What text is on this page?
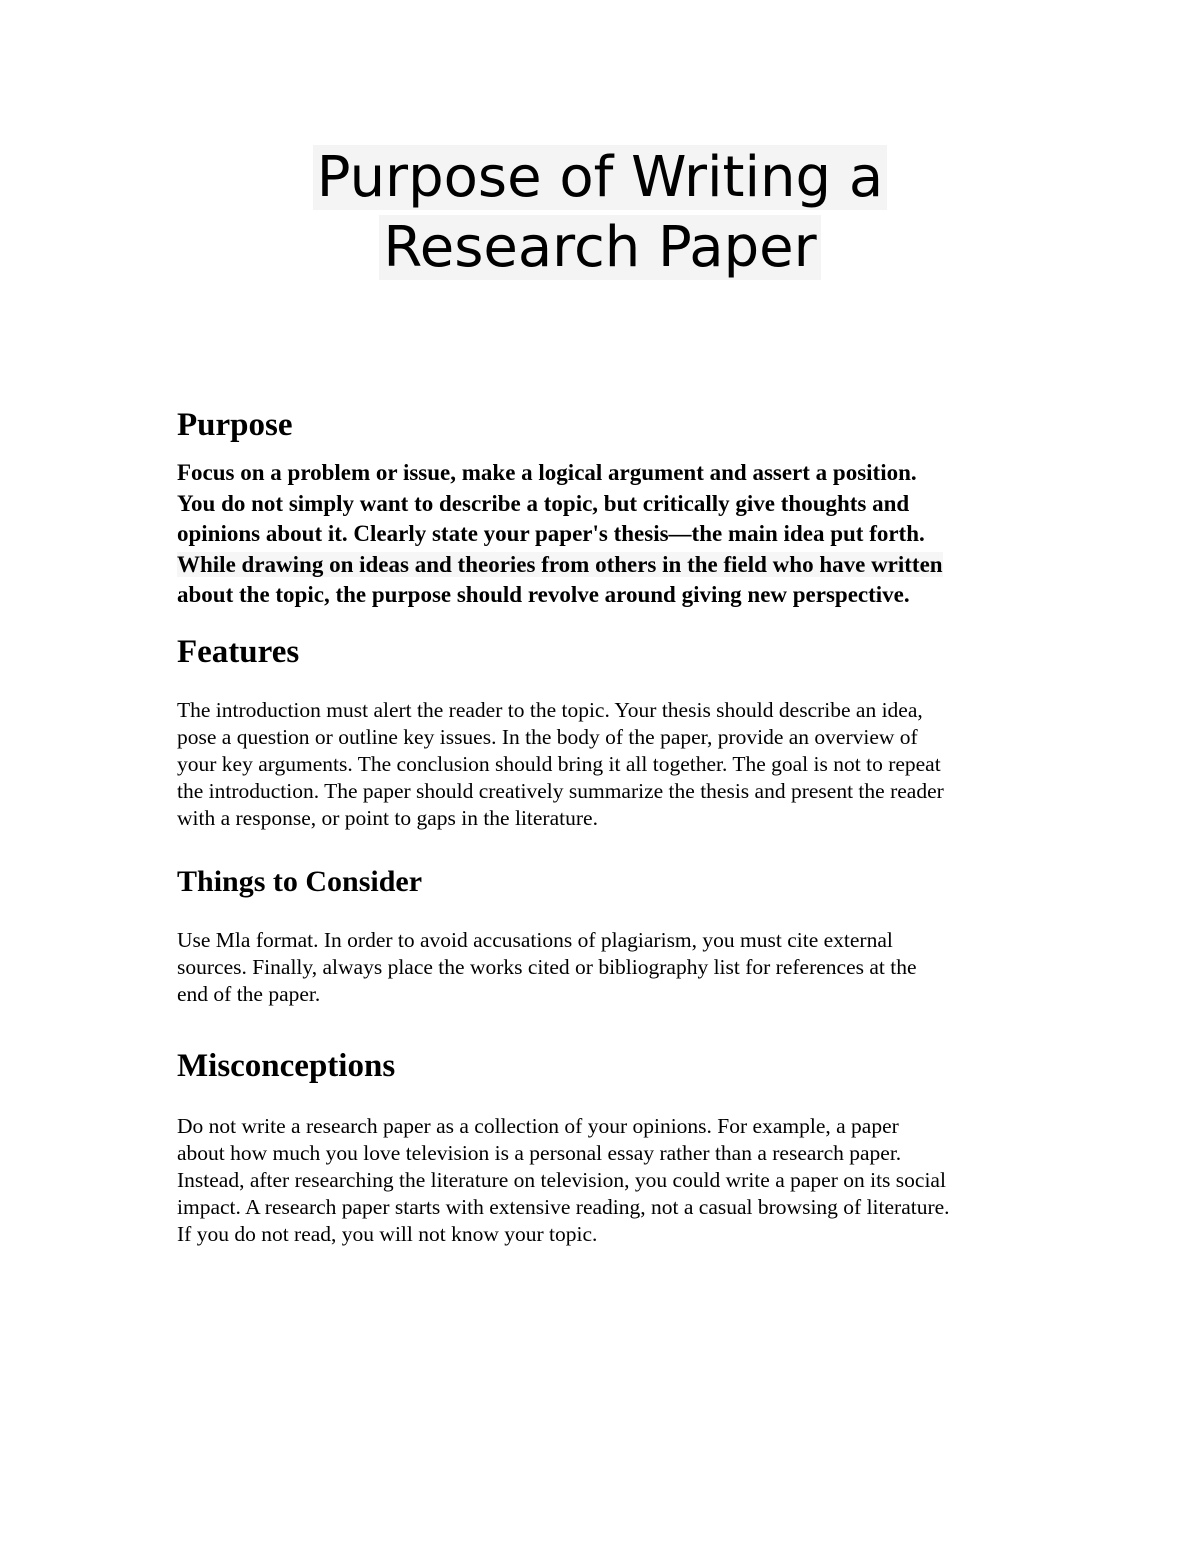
Purpose of Writing a
Research Paper
Purpose
Focus on a problem or issue, make a logical argument and assert a position.
You do not simply want to describe a topic, but critically give thoughts and
opinions about it. Clearly state your paper's thesis—the main idea put forth.
While drawing on ideas and theories from others in the field who have written
about the topic, the purpose should revolve around giving new perspective.
Features
The introduction must alert the reader to the topic. Your thesis should describe an idea,
pose a question or outline key issues. In the body of the paper, provide an overview of
your key arguments. The conclusion should bring it all together. The goal is not to repeat
the introduction. The paper should creatively summarize the thesis and present the reader
with a response, or point to gaps in the literature.
Things to Consider
Use Mla format. In order to avoid accusations of plagiarism, you must cite external
sources. Finally, always place the works cited or bibliography list for references at the
end of the paper.
Misconceptions
Do not write a research paper as a collection of your opinions. For example, a paper
about how much you love television is a personal essay rather than a research paper.
Instead, after researching the literature on television, you could write a paper on its social
impact. A research paper starts with extensive reading, not a casual browsing of literature.
If you do not read, you will not know your topic.
